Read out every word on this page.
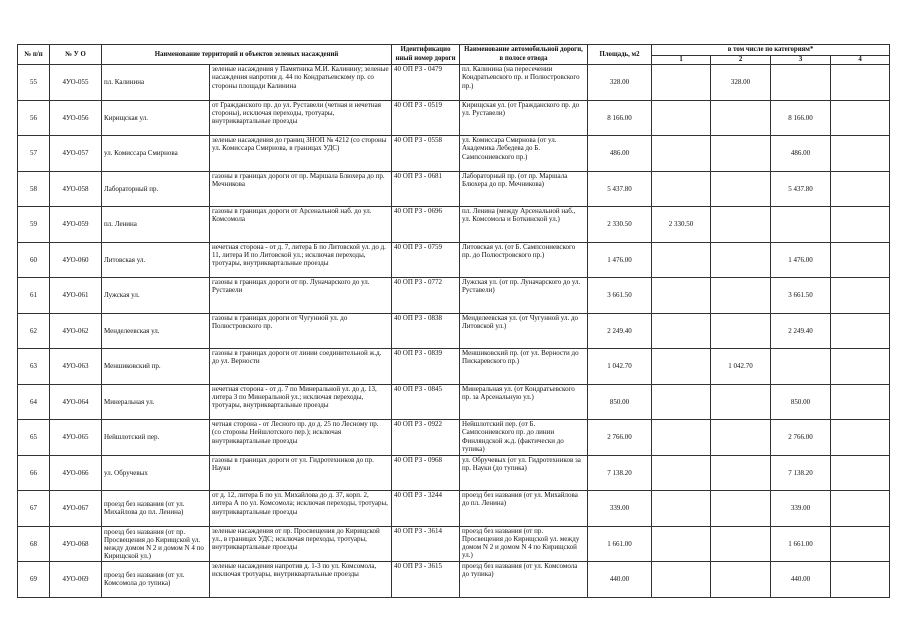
№ п/п	№ У О	Наименование территорий и объектов зеленых насаждений		Идентификацио нный номер дороги	Наименование автомобильной дороги, в полосе отвода	Площадь, м2	в том числе по категориям*			
							1	2	3	4

55	4УО-055	пл. Калинина	зеленые насаждения у Памятника М.И. Калинину; зеленые насаждения напротив д. 44 по Кондратьевскому пр. со стороны площади Калинина	40 ОП РЗ - 0479	пл. Калинина (на пересечении Кондратьевского пр. и Полюстровского пр.)	328.00		328.00		

56	4УО-056	Кирищская ул.	от Гражданского пр. до ул. Руставели (четная и нечетная стороны), исключая переходы, тротуары, внутриквартальные проезды	40 ОП РЗ - 0519	Кирищская ул. (от Гражданского пр. до ул. Руставели)	8 166.00			8 166.00	

57	4УО-057	ул. Комиссара Смирнова	зеленые насаждения до границ ЗНОП № 4212 (со стороны ул. Комиссара Смирнова, в границах УДС)	40 ОП РЗ - 0558	ул. Комиссара Смирнова (от ул. Академика Лебедева до Б. Сампсониевского пр.)	486.00			486.00	

58	4УО-058	Лабораторный пр.	газоны в границах дороги от пр. Маршала Блюхера до пр. Мечникова	40 ОП РЗ - 0681	Лабораторный пр. (от пр. Маршала Блюхера до пр. Мечникова)	5 437.80			5 437.80	

59	4УО-059	пл. Ленина	газоны в границах дороги от Арсенальной наб. до ул. Комсомола	40 ОП РЗ - 0696	пл. Ленина (между Арсенальной наб., ул. Комсомола и Боткинской ул.)	2 330.50	2 330.50			

60	4УО-060	Литовская ул.	нечетная сторона - от д. 7, литера Б по Литовской ул. до д. 11, литера И по Литовской ул.; исключая переходы, тротуары, внутриквартальные проезды	40 ОП РЗ - 0759	Литовская ул. (от Б. Сампсониевского пр. до Полюстровского пр.)	1 476.00			1 476.00	

61	4УО-061	Лужская ул.	газоны в границах дороги от пр. Луначарского до ул. Руставели	40 ОП РЗ - 0772	Лужская ул. (от пр. Луначарского до ул. Руставели)	3 661.50			3 661.50	

62	4УО-062	Менделеевская ул.	газоны в границах дороги от Чугунной ул. до Полюстровского пр.	40 ОП РЗ - 0838	Менделеевская ул. (от Чугунной ул. до Литовской ул.)	2 249.40			2 249.40	

63	4УО-063	Меншиковский пр.	газоны в границах дороги от линии соединительной ж.д. до ул. Верности	40 ОП РЗ - 0839	Меншиковский пр. (от ул. Верности до Пискаревского пр.)	1 042.70		1 042.70		

64	4УО-064	Минеральная ул.	нечетная сторона - от д. 7 по Минеральной ул. до д. 13, литера З по Минеральной ул.; исключая переходы, тротуары, внутриквартальные проезды	40 ОП РЗ - 0845	Минеральная ул. (от Кондратьевского пр. за Арсенальную ул.)	850.00			850.00	

65	4УО-065	Нейшлотский пер.	четная сторона - от Лесного пр. до д. 25 по Лесному пр. (со стороны Нейшлотского пер.); исключая внутриквартальные проезды	40 ОП РЗ - 0922	Нейшлотский пер. (от Б. Сампсониевского пр. до линии Финляндской ж.д. (фактически до тупика)	2 766.00			2 766.00	

66	4УО-066	ул. Обручевых	газоны в границах дороги от ул. Гидротехников до пр. Науки	40 ОП РЗ - 0968	ул. Обручевых (от ул. Гидротехников за пр. Науки (до тупика)	7 138.20			7 138.20	

67	4УО-067	проезд без названия (от ул. Михайлова до пл. Ленина)	от д. 12, литера Б по ул. Михайлова до д. 37, корп. 2, литера А по ул. Комсомола; исключая переходы, тротуары, внутриквартальные проезды	40 ОП РЗ - 3244	проезд без названия (от ул. Михайлова до пл. Ленина)	339.00			339.00	

68	4УО-068	проезд без названия (от пр. Просвещения до Кирищской ул. между домом N 2 и домом N 4 по Кирищской ул.)	зеленые насаждения от пр. Просвещения до Кирищской ул., в границах УДС; исключая переходы, тротуары, внутриквартальные проезды	40 ОП РЗ - 3614	проезд без названия (от пр. Просвещения до Кирищской ул. между домом N 2 и домом N 4 по Кирищской ул.)	1 661.00			1 661.00	

69	4УО-069	проезд без названия (от ул. Комсомола до тупика)	зеленые насаждения напротив д. 1-3 по ул. Комсомола, исключая тротуары, внутриквартальные проезды	40 ОП РЗ - 3615	проезд без названия (от ул. Комсомола до тупика)	440.00			440.00	
